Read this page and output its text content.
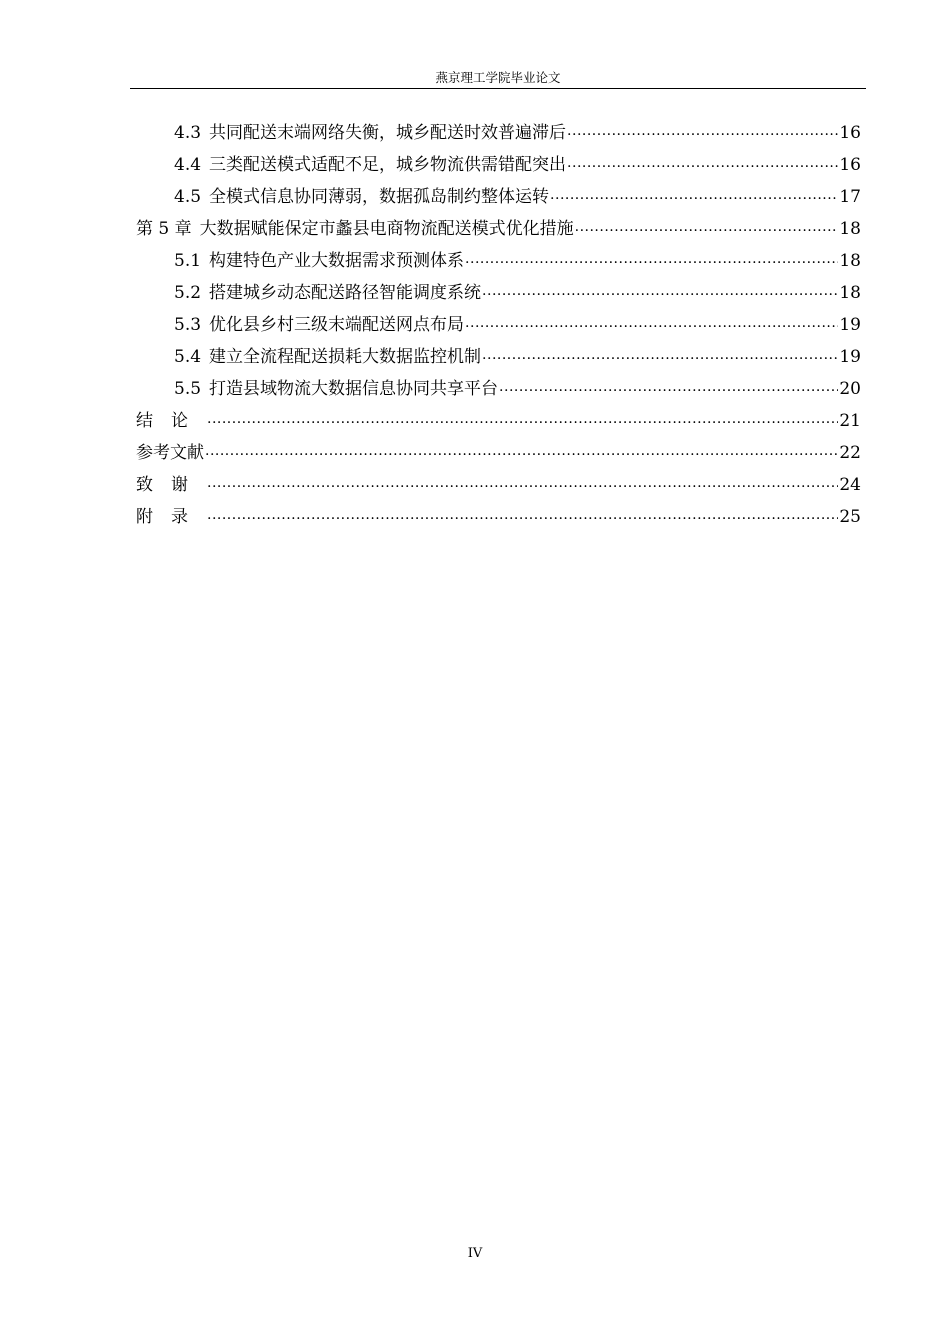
燕京理工学院毕业论文
4.3 共同配送末端网络失衡，城乡配送时效普遍滞后 .....	16
4.4 三类配送模式适配不足，城乡物流供需错配突出 .....	16
4.5 全模式信息协同薄弱，数据孤岛制约整体运转 .....	17
第 5 章 大数据赋能保定市蠡县电商物流配送模式优化措施 .....	18
5.1 构建特色产业大数据需求预测体系 .....	18
5.2 搭建城乡动态配送路径智能调度系统 .....	18
5.3 优化县乡村三级末端配送网点布局 .....	19
5.4 建立全流程配送损耗大数据监控机制 .....	19
5.5 打造县域物流大数据信息协同共享平台 .....	20
结论 .....	21
参考文献 .....	22
致谢 .....	24
附录 .....	25
IV
